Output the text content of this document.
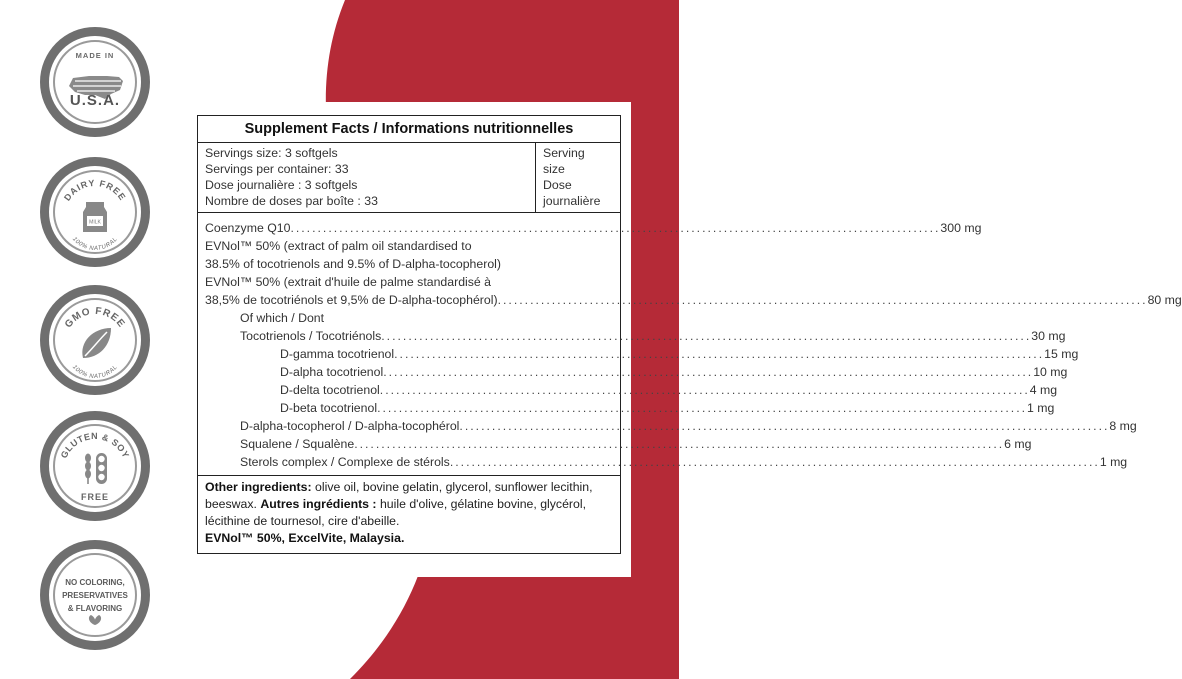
MADE IN
U.S.A.
DAIRY FREE
MILK
100% NATURAL
GMO FREE
100% NATURAL
GLUTEN & SOY
FREE
NO COLORING,
PRESERVATIVES
& FLAVORING
Supplement Facts / Informations nutritionnelles
Servings size: 3 softgels
Servings per container: 33
Dose journalière : 3 softgels
Nombre de doses par boîte : 33
Serving
size
Dose
journalière
Coenzyme Q10 ........................................................................................................................ 300 mg
EVNol™ 50% (extract of palm oil standardised to
38.5% of tocotrienols and 9.5% of D-alpha-tocopherol)
EVNol™ 50% (extrait d'huile de palme standardisé à
38,5% de tocotriénols et 9,5% de D-alpha-tocophérol) ........................................................................................................................ 80 mg
Of which / Dont
Tocotrienols / Tocotriénols ........................................................................................................................ 30 mg
D-gamma tocotrienol ........................................................................................................................ 15 mg
D-alpha tocotrienol ........................................................................................................................ 10 mg
D-delta tocotrienol ........................................................................................................................ 4 mg
D-beta tocotrienol ........................................................................................................................ 1 mg
D-alpha-tocopherol / D-alpha-tocophérol ........................................................................................................................ 8 mg
Squalene / Squalène ........................................................................................................................ 6 mg
Sterols complex / Complexe de stérols ........................................................................................................................ 1 mg
Other ingredients: olive oil, bovine gelatin, glycerol, sunflower lecithin, beeswax. Autres ingrédients : huile d'olive, gélatine bovine, glycérol, lécithine de tournesol, cire d'abeille.
EVNol™ 50%, ExcelVite, Malaysia.
